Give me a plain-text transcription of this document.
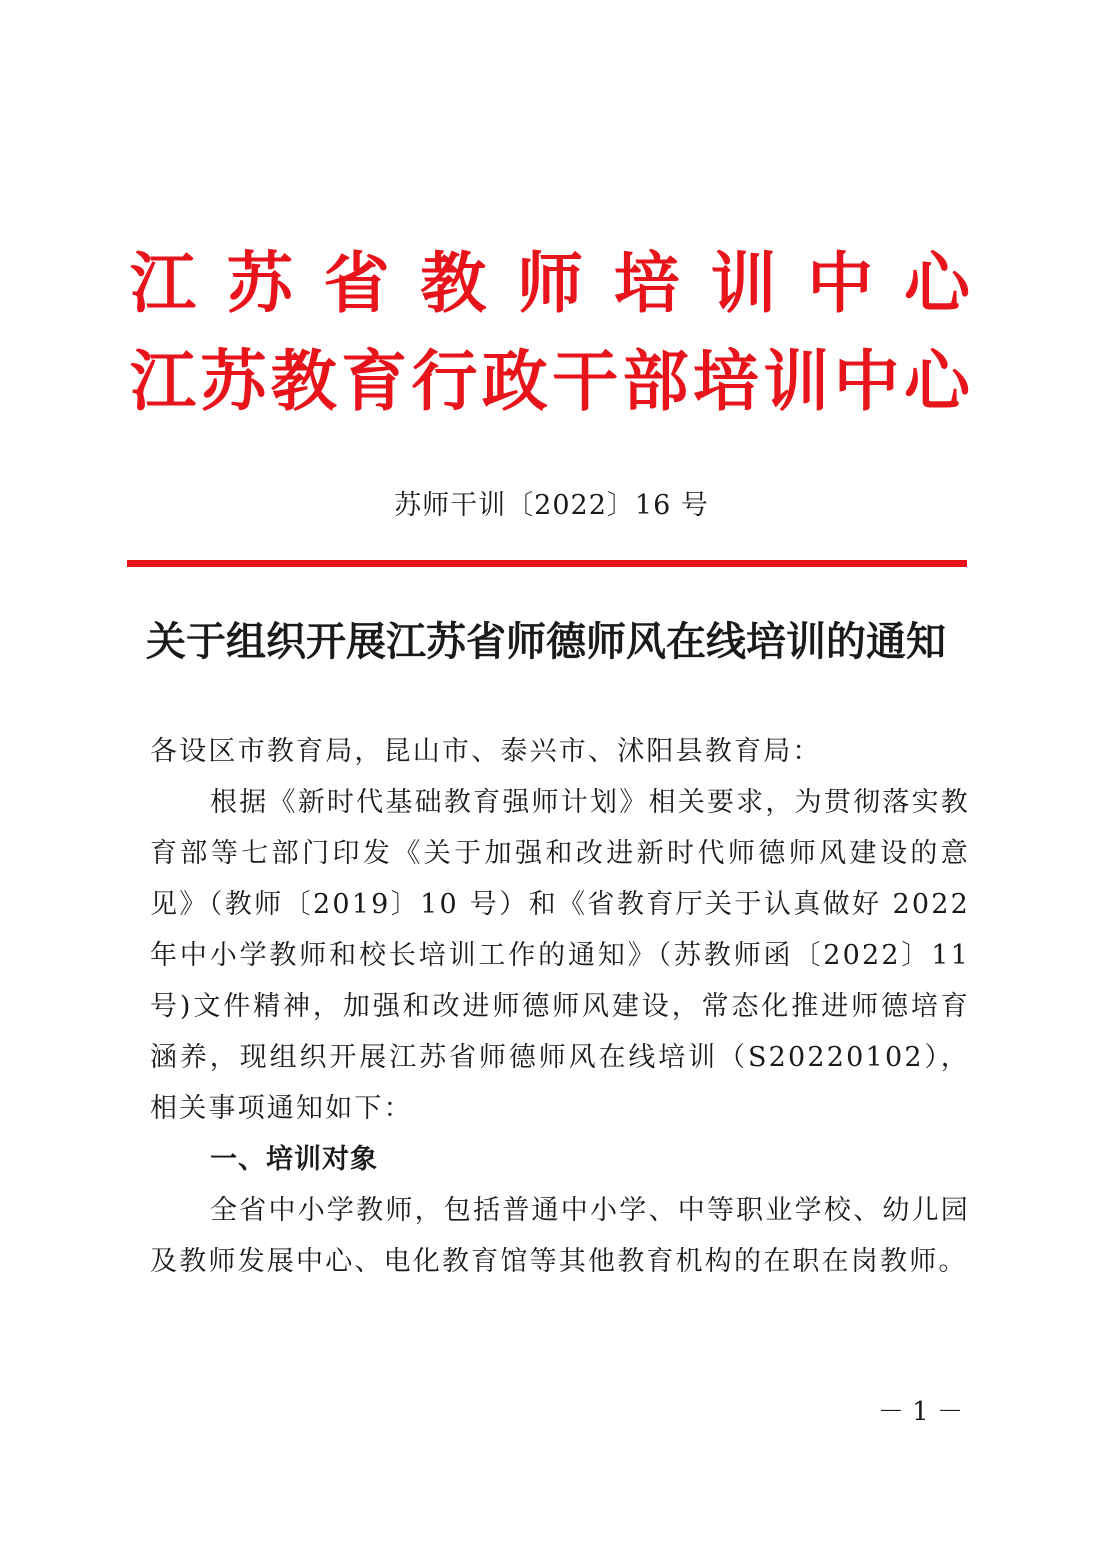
江 苏 省 教 师 培 训 中 心
江 苏 教 育 行 政 干 部 培 训 中 心
苏师干训〔2022〕16 号
关于组织开展江苏省师德师风在线培训的通知
各设区市教育局，昆山市、泰兴市、沭阳县教育局：
根据《新时代基础教育强师计划》相关要求，为贯彻落实教育部等七部门印发《关于加强和改进新时代师德师风建设的意见》（教师〔2019〕10 号）和《省教育厅关于认真做好 2022 年中小学教师和校长培训工作的通知》（苏教师函〔2022〕11 号)文件精神，加强和改进师德师风建设，常态化推进师德培育涵养，现组织开展江苏省师德师风在线培训（S20220102），相关事项通知如下：
一、培训对象
全省中小学教师，包括普通中小学、中等职业学校、幼儿园及教师发展中心、电化教育馆等其他教育机构的在职在岗教师。
－ 1 －
